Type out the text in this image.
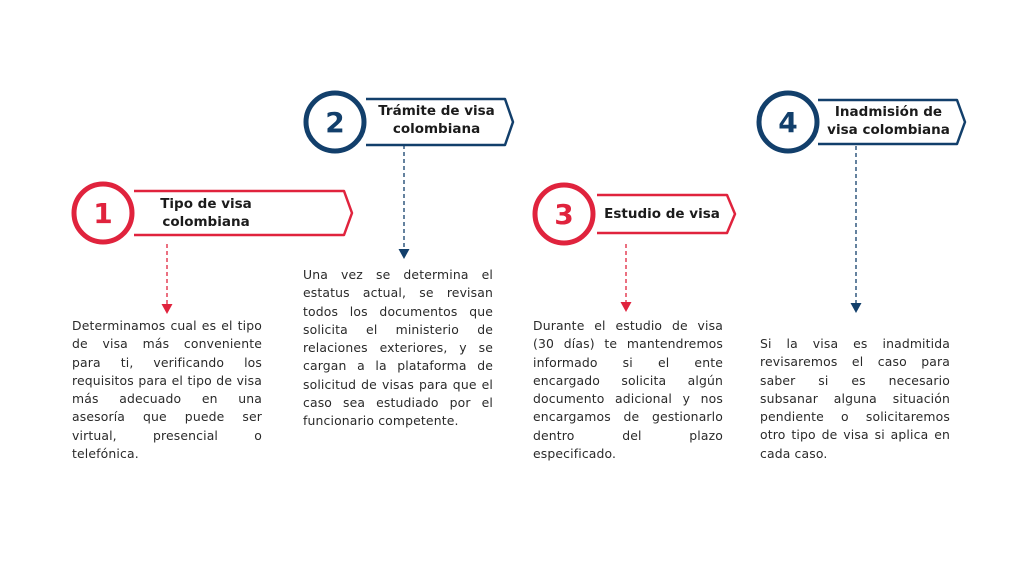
1	Tipo de visa
colombiana
Determinamos cual es el tipo de visa más conveniente para ti, verificando los requisitos para el tipo de visa más adecuado en una asesoría que puede ser virtual, presencial o telefónica.
2	Trámite de visa
colombiana
Una vez se determina el estatus actual, se revisan todos los documentos que solicita el ministerio de relaciones exteriores, y se cargan a la plataforma de solicitud de visas para que el caso sea estudiado por el funcionario competente.
3	Estudio de visa
Durante el estudio de visa (30 días) te mantendremos informado si el ente encargado solicita algún documento adicional y nos encargamos de gestionarlo dentro del plazo especificado.
4	Inadmisión de
visa colombiana
Si la visa es inadmitida revisaremos el caso para saber si es necesario subsanar alguna situación pendiente o solicitaremos otro tipo de visa si aplica en cada caso.
